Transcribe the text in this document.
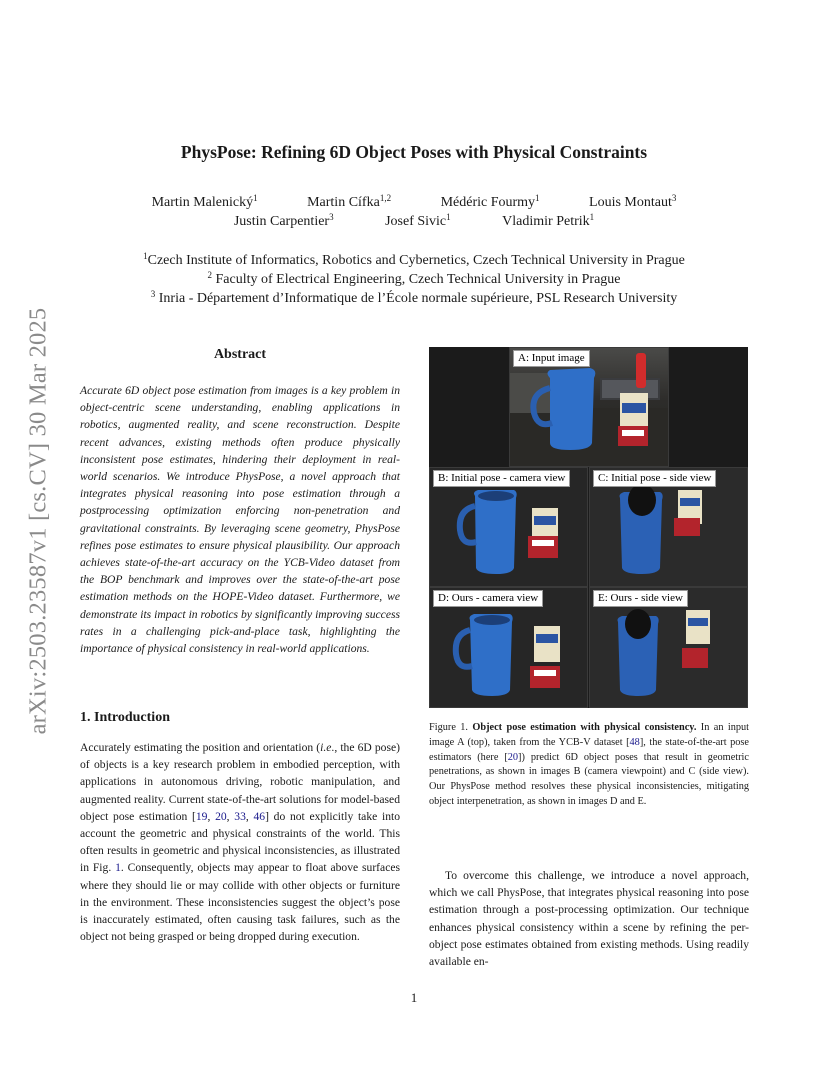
arXiv:2503.23587v1 [cs.CV] 30 Mar 2025
PhysPose: Refining 6D Object Poses with Physical Constraints
Martin Malenický$^1$	Martin Cífka$^{1,2}$	Médéric Fourmy$^1$	Louis Montaut$^3$
Justin Carpentier$^3$	Josef Sivic$^1$	Vladimir Petrik$^1$
$^1$Czech Institute of Informatics, Robotics and Cybernetics, Czech Technical University in Prague
$^2$ Faculty of Electrical Engineering, Czech Technical University in Prague
$^3$ Inria - Département d’Informatique de l’École normale supérieure, PSL Research University
Abstract

Accurate 6D object pose estimation from images is a key problem in object-centric scene understanding, enabling applications in robotics, augmented reality, and scene reconstruction. Despite recent advances, existing methods often produce physically inconsistent pose estimates, hindering their deployment in real-world scenarios. We introduce PhysPose, a novel approach that integrates physical reasoning into pose estimation through a postprocessing optimization enforcing non-penetration and gravitational constraints. By leveraging scene geometry, PhysPose refines pose estimates to ensure physical plausibility. Our approach achieves state-of-the-art accuracy on the YCB-Video dataset from the BOP benchmark and improves over the state-of-the-art pose estimation methods on the HOPE-Video dataset. Furthermore, we demonstrate its impact in robotics by significantly improving success rates in a challenging pick-and-place task, highlighting the importance of physical consistency in real-world applications.

1. Introduction

Accurately estimating the position and orientation (i.e., the 6D pose) of objects is a key research problem in embodied perception, with applications in autonomous driving, robotic manipulation, and augmented reality. Current state-of-the-art solutions for model-based object pose estimation [19, 20, 33, 46] do not explicitly take into account the geometric and physical constraints of the world. This often results in geometric and physical inconsistencies, as illustrated in Fig. 1. Consequently, objects may appear to float above surfaces where they should lie or may collide with other objects or furniture in the environment. These inconsistencies suggest the object’s pose is inaccurately estimated, often causing task failures, such as the object not being grasped or being dropped during execution.

A: Input image
B: Initial pose - camera view	C: Initial pose - side view
D: Ours - camera view	E: Ours - side view

Figure 1. Object pose estimation with physical consistency. In an input image A (top), taken from the YCB-V dataset [48], the state-of-the-art pose estimators (here [20]) predict 6D object poses that result in geometric penetrations, as shown in images B (camera viewpoint) and C (side view). Our PhysPose method resolves these physical inconsistencies, mitigating object interpenetration, as shown in images D and E.

To overcome this challenge, we introduce a novel approach, which we call PhysPose, that integrates physical reasoning into pose estimation through a post-processing optimization. Our technique enhances physical consistency within a scene by refining the per-object pose estimates obtained from existing methods. Using readily available en-

1
